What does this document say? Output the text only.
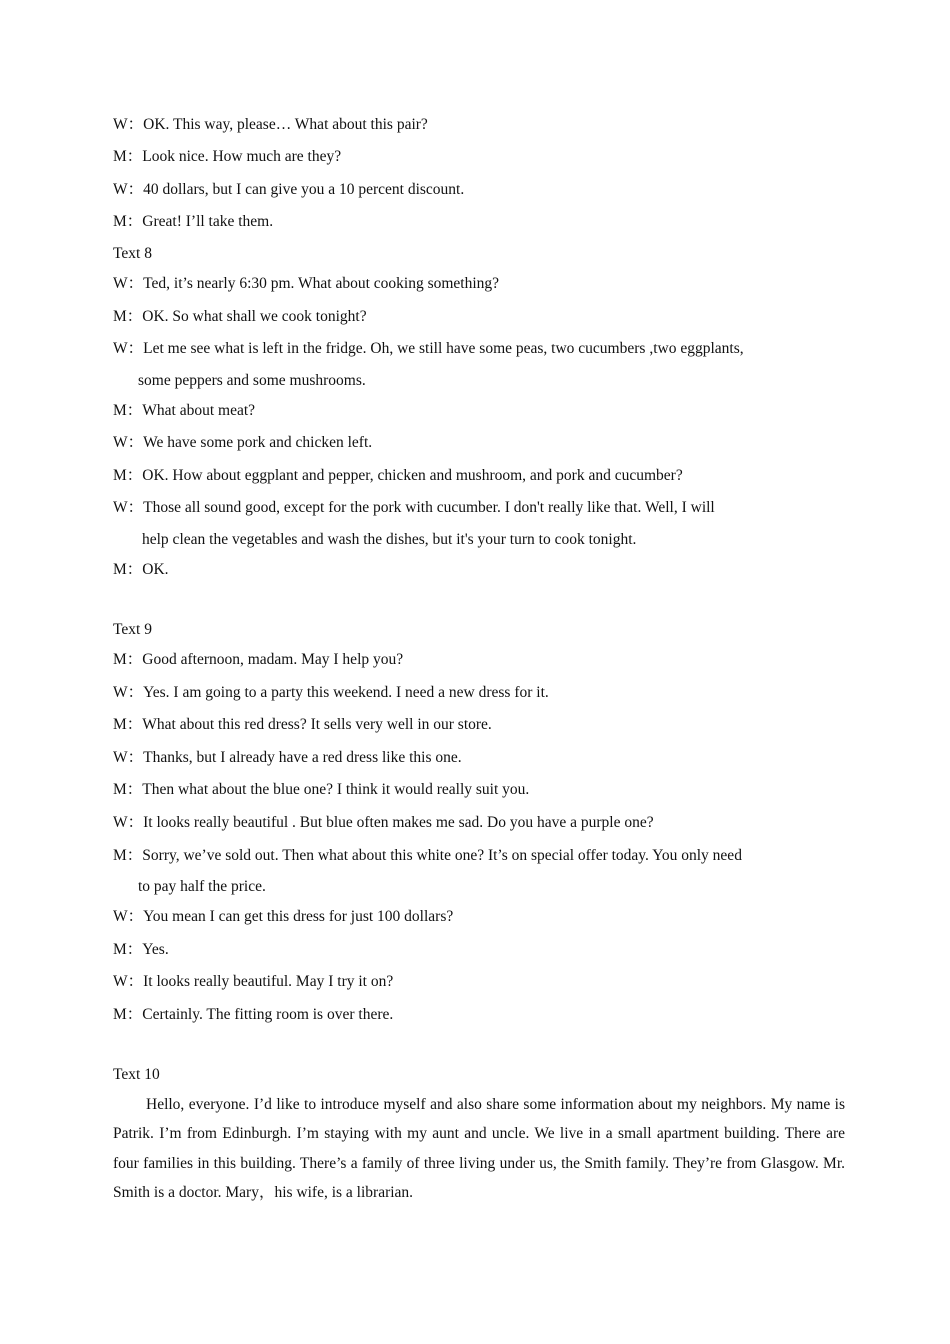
W：OK. This way, please… What about this pair?
M：Look nice. How much are they?
W：40 dollars, but I can give you a 10 percent discount.
M：Great! I’ll take them.
Text 8
W：Ted, it’s nearly 6:30 pm. What about cooking something?
M：OK. So what shall we cook tonight?
W：Let me see what is left in the fridge. Oh, we still have some peas, two cucumbers ,two eggplants,
some peppers and some mushrooms.
M：What about meat?
W：We have some pork and chicken left.
M：OK. How about eggplant and pepper, chicken and mushroom, and pork and cucumber?
W：Those all sound good, except for the pork with cucumber. I don't really like that. Well, I will
help clean the vegetables and wash the dishes, but it's your turn to cook tonight.
M：OK.
Text 9
M：Good afternoon, madam. May I help you?
W：Yes. I am going to a party this weekend. I need a new dress for it.
M：What about this red dress? It sells very well in our store.
W：Thanks, but I already have a red dress like this one.
M：Then what about the blue one? I think it would really suit you.
W：It looks really beautiful . But blue often makes me sad. Do you have a purple one?
M：Sorry, we’ve sold out. Then what about this white one? It’s on special offer today. You only need
to pay half the price.
W：You mean I can get this dress for just 100 dollars?
M：Yes.
W：It looks really beautiful. May I try it on?
M：Certainly. The fitting room is over there.
Text 10
Hello, everyone. I’d like to introduce myself and also share some information about my neighbors. My name is Patrik. I’m from Edinburgh. I’m staying with my aunt and uncle. We live in a small apartment building. There are four families in this building. There’s a family of three living under us, the Smith family. They’re from Glasgow. Mr. Smith is a doctor. Mary，his wife, is a librarian.
